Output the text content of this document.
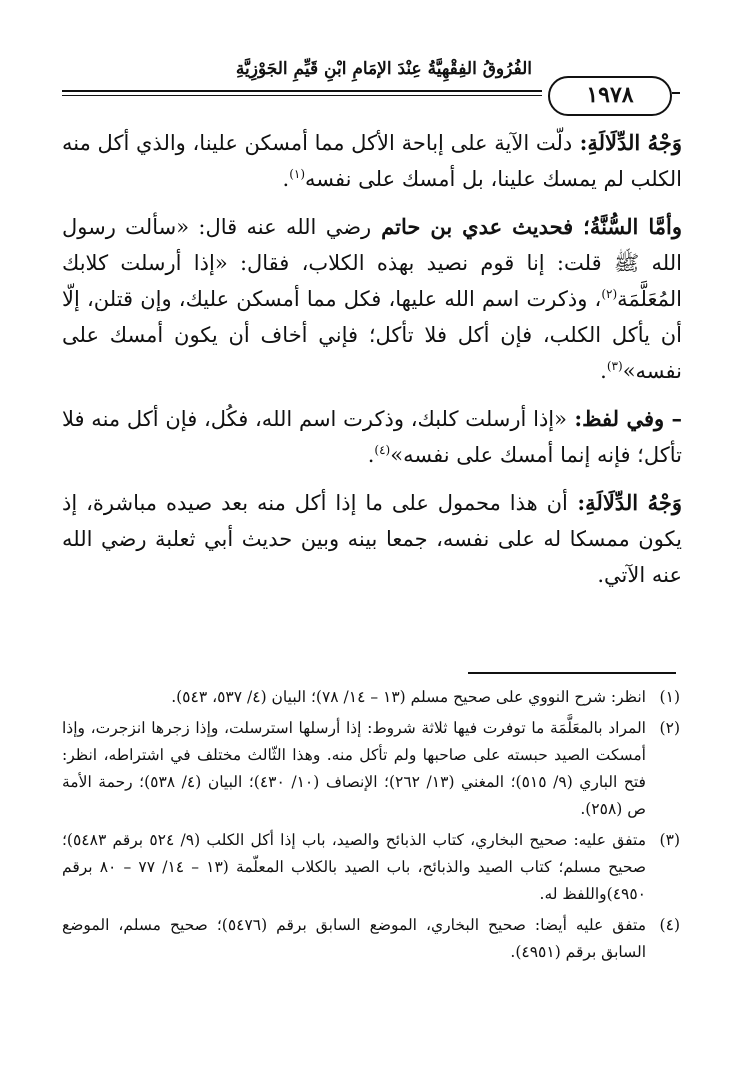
الفُرُوقُ الفِقْهِيَّةُ عِنْدَ الإمَامِ ابْنِ قَيِّمِ الجَوْزِيَّةِ
١٩٧٨

وَجْهُ الدِّلَالَةِ: دلّت الآية على إباحة الأكل مما أمسكن علينا، والذي أكل منه الكلب لم يمسك علينا، بل أمسك على نفسه$^{(١)}$.

وأمَّا السُّنَّةُ؛ فحديث عدي بن حاتم رضي الله عنه قال: «سألت رسول الله ﷺ قلت: إنا قوم نصيد بهذه الكلاب، فقال: «إذا أرسلت كلابك المُعَلَّمَة$^{(٢)}$، وذكرت اسم الله عليها، فكل مما أمسكن عليك، وإن قتلن، إلّا أن يأكل الكلب، فإن أكل فلا تأكل؛ فإني أخاف أن يكون أمسك على نفسه»$^{(٣)}$.

– وفي لفظ: «إذا أرسلت كلبك، وذكرت اسم الله، فكُل، فإن أكل منه فلا تأكل؛ فإنه إنما أمسك على نفسه»$^{(٤)}$.

وَجْهُ الدِّلَالَةِ: أن هذا محمول على ما إذا أكل منه بعد صيده مباشرة، إذ يكون ممسكا له على نفسه، جمعا بينه وبين حديث أبي ثعلبة رضي الله عنه الآتي.

(١)
انظر: شرح النووي على صحيح مسلم (١٣ – ١٤/ ٧٨)؛ البيان (٤/ ٥٣٧، ٥٤٣).
(٢)
المراد بالمعَلَّمَة ما توفرت فيها ثلاثة شروط: إذا أرسلها استرسلت، وإذا زجرها انزجرت، وإذا أمسكت الصيد حبسته على صاحبها ولم تأكل منه. وهذا الثّالث مختلف في اشتراطه، انظر: فتح الباري (٩/ ٥١٥)؛ المغني (١٣/ ٢٦٢)؛ الإنصاف (١٠/ ٤٣٠)؛ البيان (٤/ ٥٣٨)؛ رحمة الأمة ص (٢٥٨).
(٣)
متفق عليه: صحيح البخاري، كتاب الذبائح والصيد، باب إذا أكل الكلب (٩/ ٥٢٤ برقم ٥٤٨٣)؛ صحيح مسلم؛ كتاب الصيد والذبائح، باب الصيد بالكلاب المعلّمة (١٣ – ١٤/ ٧٧ – ٨٠ برقم ٤٩٥٠)واللفظ له.
(٤)
متفق عليه أيضا: صحيح البخاري، الموضع السابق برقم (٥٤٧٦)؛ صحيح مسلم، الموضع السابق برقم (٤٩٥١).
